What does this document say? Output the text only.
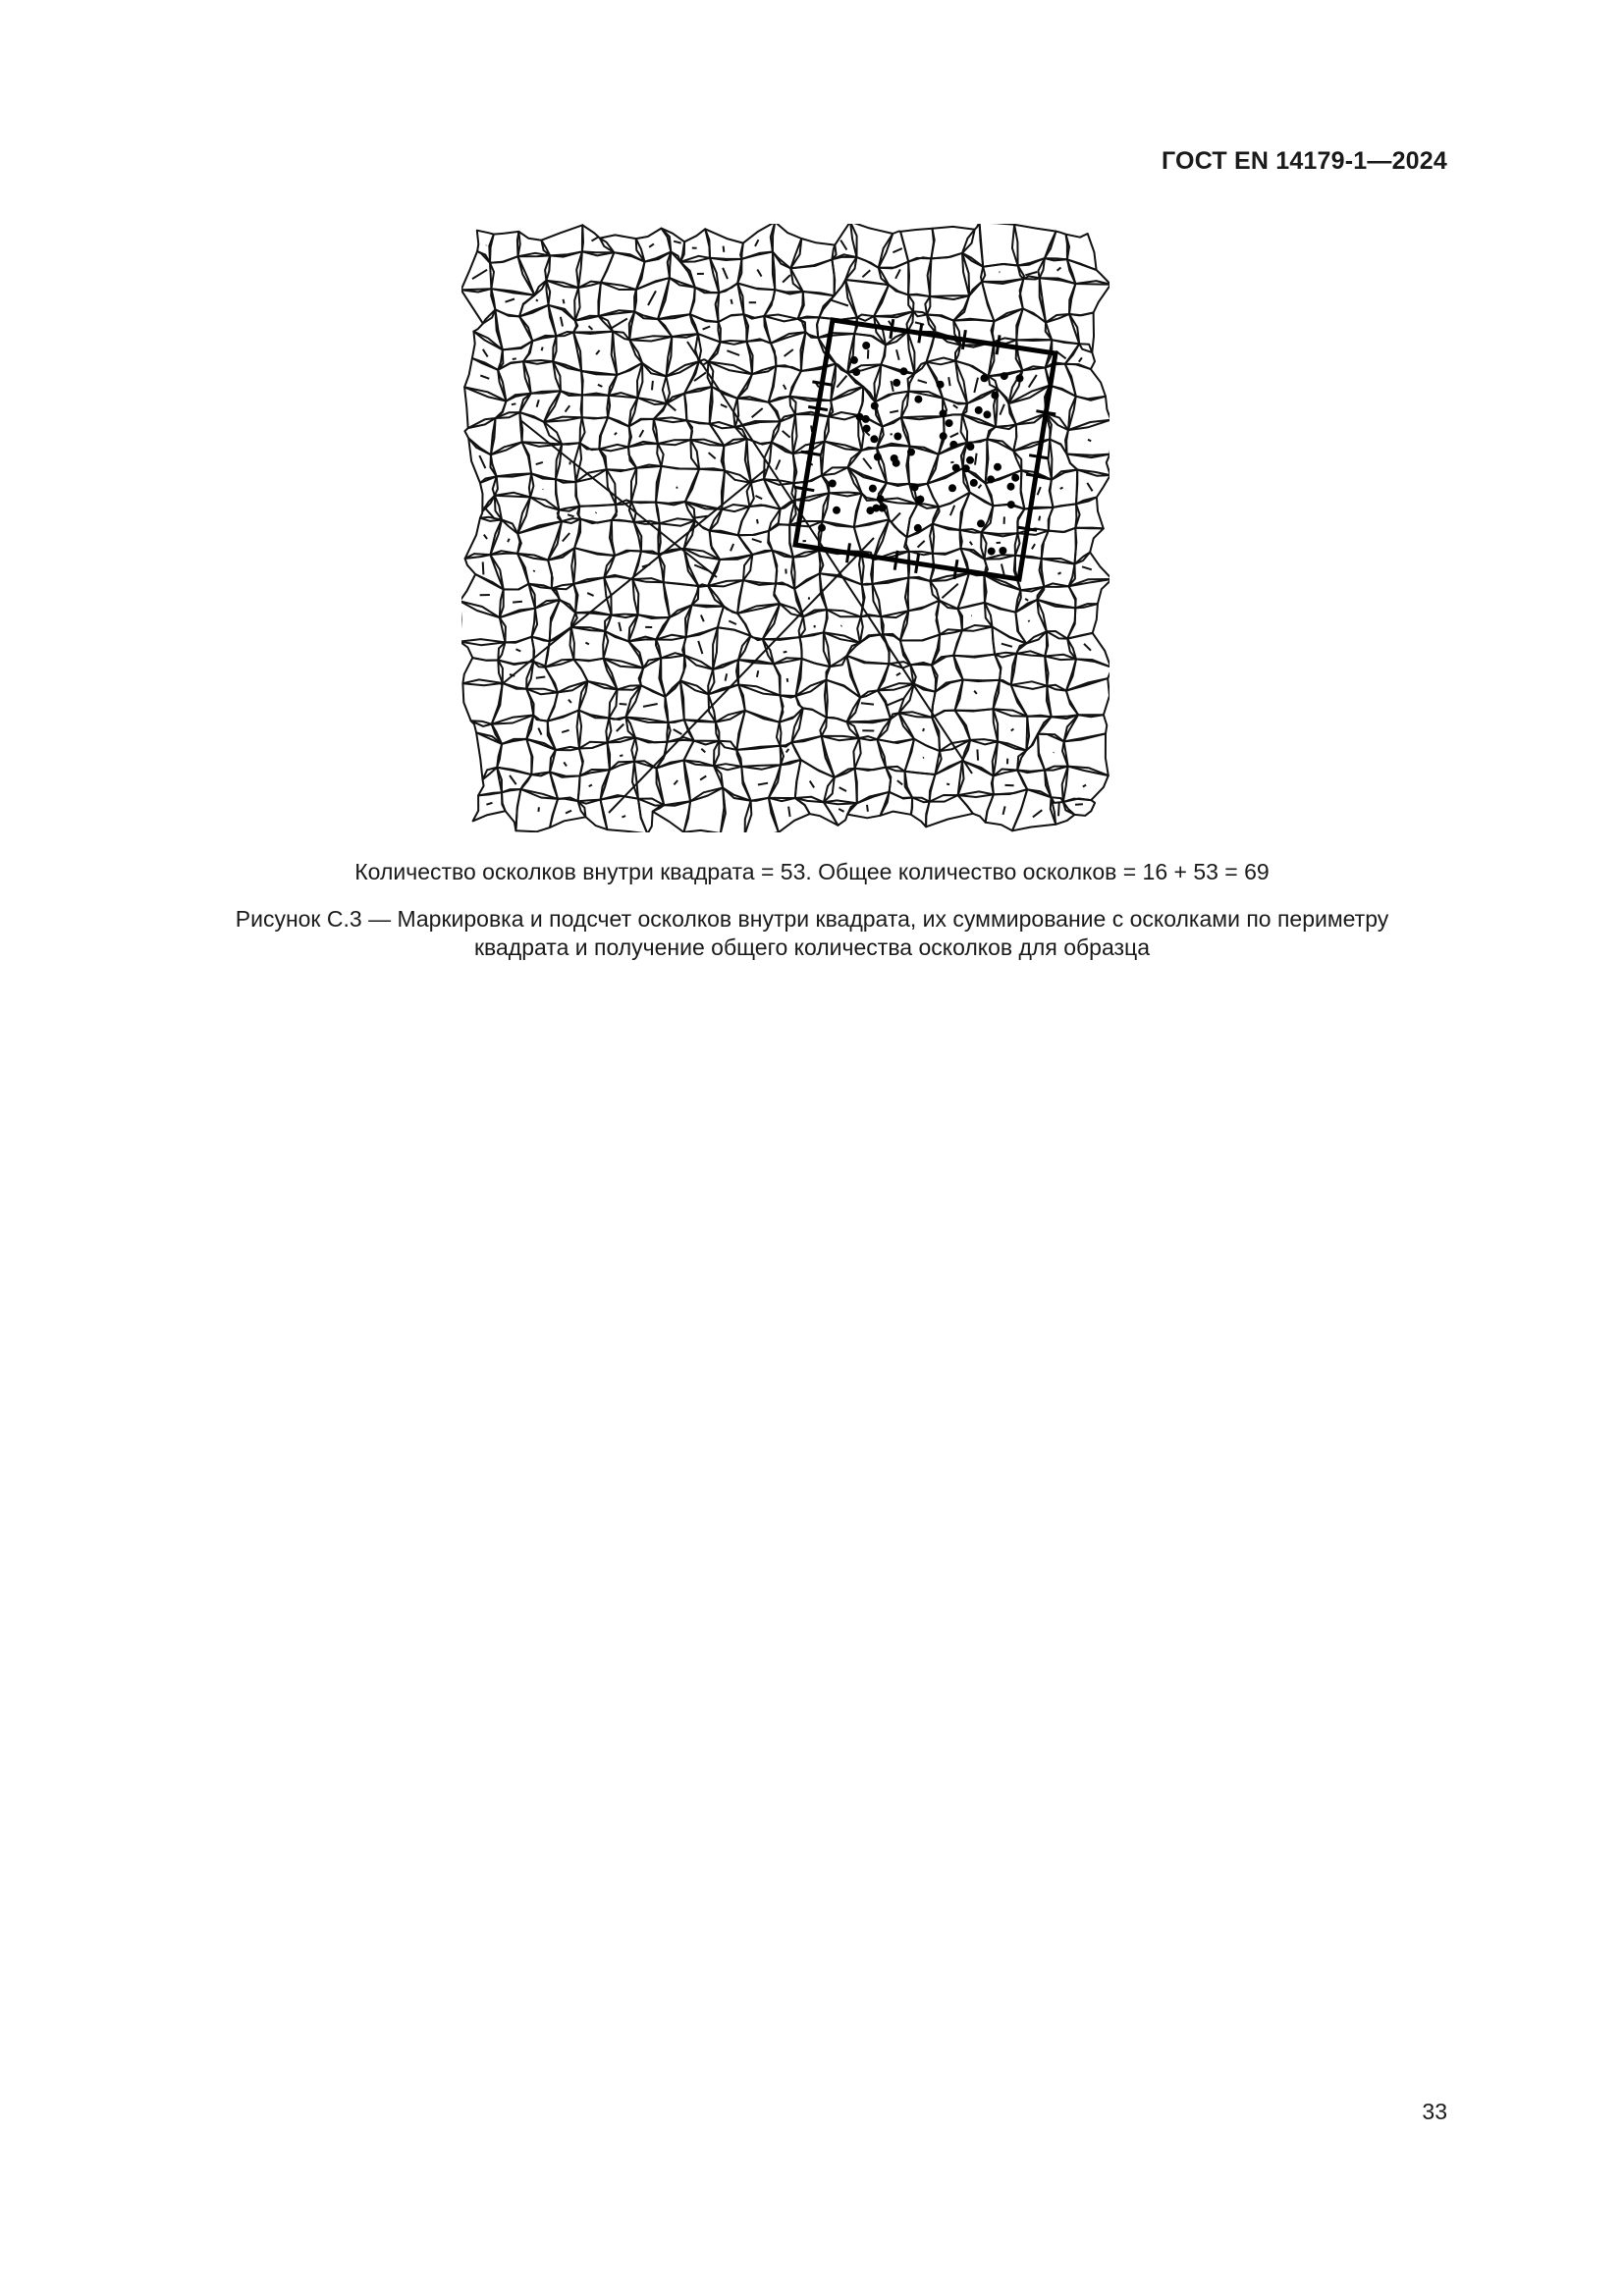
ГОСТ EN 14179-1—2024
Количество осколков внутри квадрата = 53. Общее количество осколков = 16 + 53 = 69
Рисунок С.3 — Маркировка и подсчет осколков внутри квадрата, их суммирование с осколками по периметру
квадрата и получение общего количества осколков для образца
33
